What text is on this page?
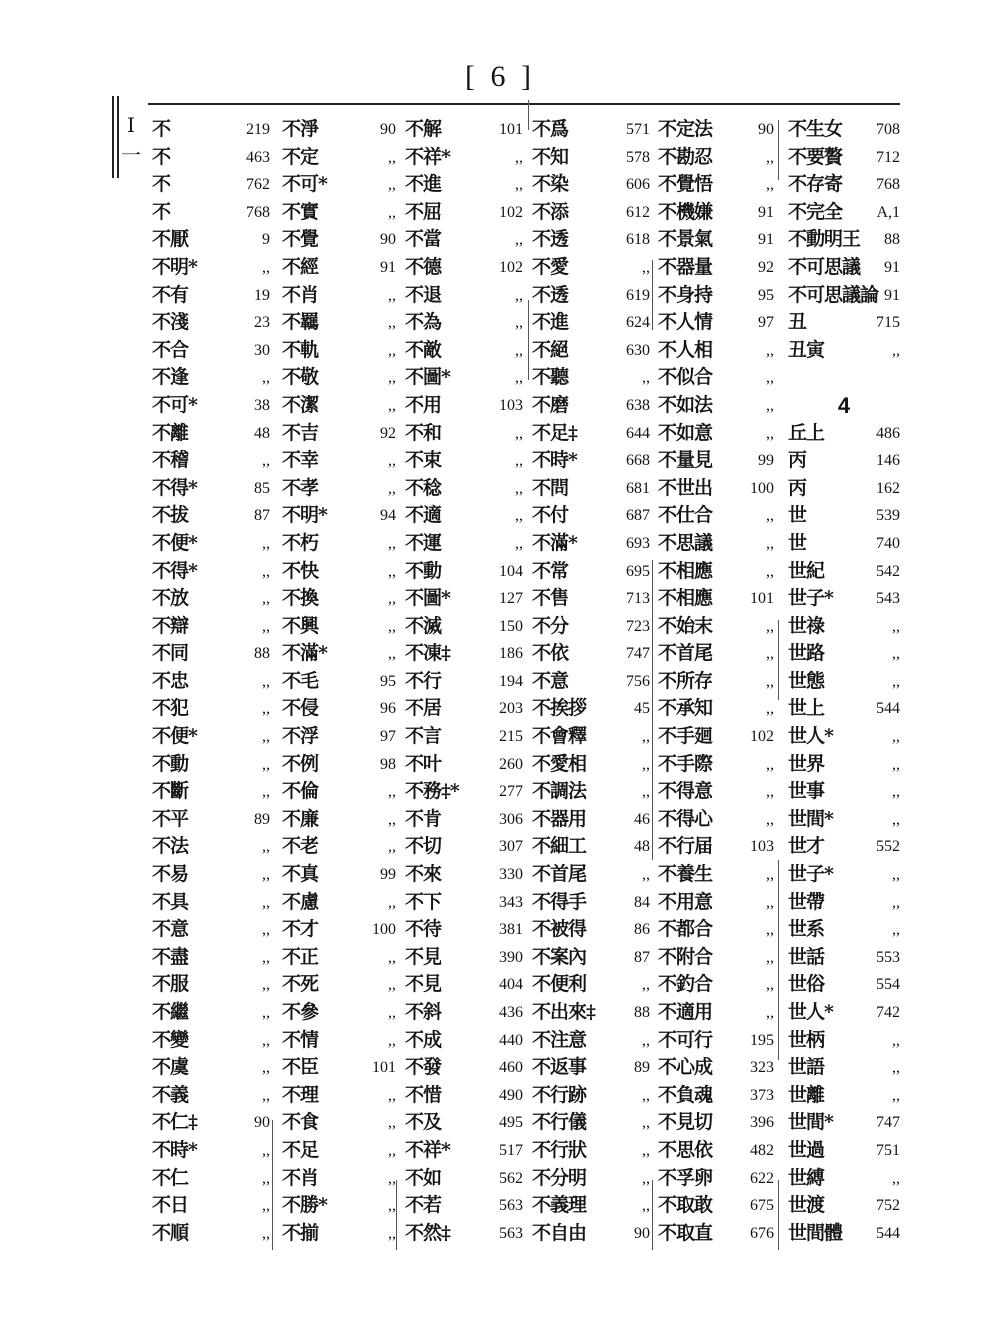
[ 6 ]
I
一
不	219
不	463
不	762
不	768
不厭	9
不明*	,,
不有	19
不淺	23
不合	30
不逢	,,
不可*	38
不離	48
不稽	,,
不得*	85
不拔	87
不便*	,,
不得*	,,
不放	,,
不辯	,,
不同	88
不忠	,,
不犯	,,
不便*	,,
不動	,,
不斷	,,
不平	89
不法	,,
不易	,,
不具	,,
不意	,,
不盡	,,
不服	,,
不繼	,,
不變	,,
不虞	,,
不義	,,
不仁‡	90
不時*	,,
不仁	,,
不日	,,
不順	,,
不淨	90
不定	,,
不可*	,,
不實	,,
不覺	90
不經	91
不肖	,,
不羈	,,
不軌	,,
不敬	,,
不潔	,,
不吉	92
不幸	,,
不孝	,,
不明*	94
不朽	,,
不快	,,
不換	,,
不興	,,
不滿*	,,
不毛	95
不侵	96
不浮	97
不例	98
不倫	,,
不廉	,,
不老	,,
不真	99
不慮	,,
不才	100
不正	,,
不死	,,
不參	,,
不情	,,
不臣	101
不理	,,
不食	,,
不足	,,
不肖	,,
不勝*	,,
不揃	,,
不解	101
不祥*	,,
不進	,,
不屈	102
不當	,,
不德	102
不退	,,
不為	,,
不敵	,,
不圖*	,,
不用	103
不和	,,
不束	,,
不稔	,,
不適	,,
不運	,,
不動	104
不圖*	127
不滅	150
不凍‡	186
不行	194
不居	203
不言	215
不叶	260
不務‡*	277
不肯	306
不切	307
不來	330
不下	343
不待	381
不見	390
不見	404
不斜	436
不成	440
不發	460
不惜	490
不及	495
不祥*	517
不如	562
不若	563
不然‡	563
不爲	571
不知	578
不染	606
不添	612
不透	618
不愛	,,
不透	619
不進	624
不絕	630
不聽	,,
不磨	638
不足‡	644
不時*	668
不問	681
不付	687
不滿*	693
不常	695
不售	713
不分	723
不依	747
不意	756
不挨拶	45
不會釋	,,
不愛相	,,
不調法	,,
不器用	46
不細工	48
不首尾	,,
不得手	84
不被得	86
不案內	87
不便利	,,
不出來‡ 88
不注意	,,
不返事	89
不行跡	,,
不行儀	,,
不行狀	,,
不分明	,,
不義理	,,
不自由	90
不定法	90
不勘忍	,,
不覺悟	,,
不機嫌	91
不景氣	91
不器量	92
不身持	95
不人情	97
不人相	,,
不似合	,,
不如法	,,
不如意	,,
不量見	99
不世出 100
不仕合	,,
不思議	,,
不相應	,,
不相應 101
不始末	,,
不首尾	,,
不所存	,,
不承知	,,
不手廻 102
不手際	,,
不得意	,,
不得心	,,
不行届 103
不養生	,,
不用意	,,
不都合	,,
不附合	,,
不釣合	,,
不適用	,,
不可行 195
不心成 323
不負魂 373
不見切 396
不思依 482
不孚卵 622
不取敢 675
不取直 676
不生女 708
不要贅 712
不存寄 768
不完全 A,1
不動明王 88
不可思議 91
不可思議論 91
丑	715
丑寅	,,
4
丘上	486
丙	146
丙	162
世	539
世	740
世紀	542
世子*	543
世祿	,,
世路	,,
世態	,,
世上	544
世人*	,,
世界	,,
世事	,,
世間*	,,
世才	552
世子*	,,
世帶	,,
世系	,,
世話	553
世俗	554
世人*	742
世柄	,,
世語	,,
世離	,,
世間*	747
世過	751
世縛	,,
世渡	752
世間體 544
